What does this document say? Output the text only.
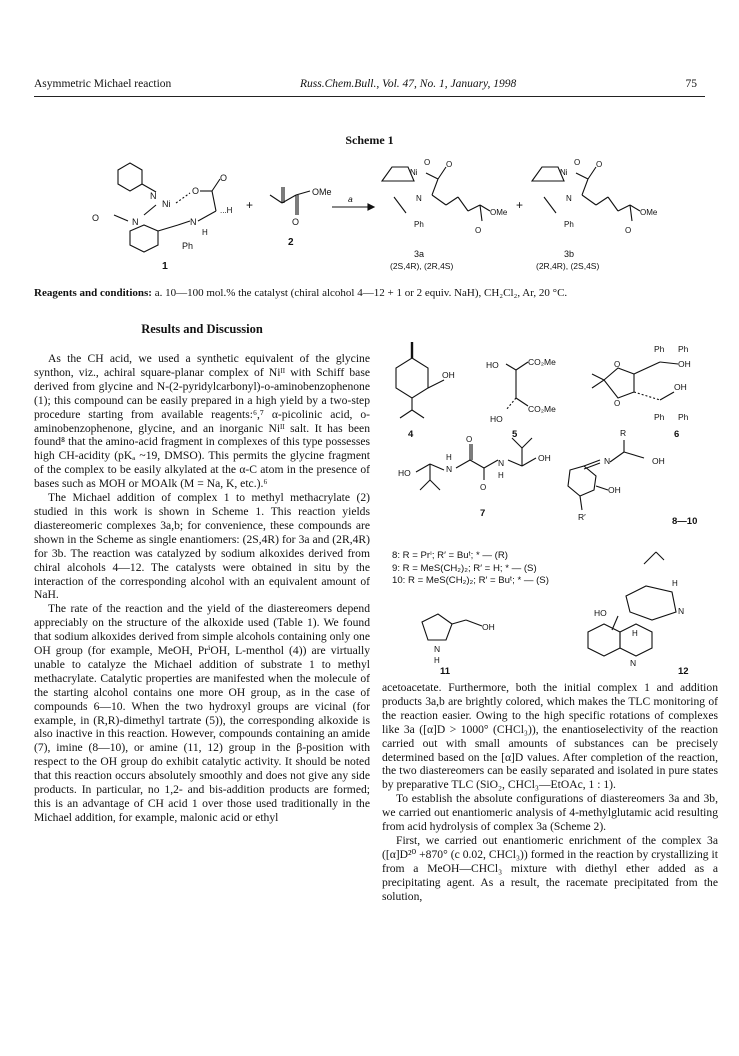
Asymmetric Michael reaction	Russ.Chem.Bull., Vol. 47, No. 1, January, 1998	75
Scheme 1
N
Ni
O
O
...H
N
H
N
O
Ph
1
+
O
OMe
2
a
Ni
O O
N
O
OMe
Ph
3a
(2S,4R), (2R,4S)
+
Ni
O O
N
O
OMe
Ph
3b
(2R,4R), (2S,4S)
Reagents and conditions: a. 10—100 mol.% the catalyst (chiral alcohol 4—12 + 1 or 2 equiv. NaH), CH₂Cl₂, Ar, 20 °C.
Results and Discussion

As the CH acid, we used a synthetic equivalent of the glycine synthon, viz., achiral square-planar complex of Niᴵᴵ with Schiff base derived from glycine and N-(2-pyridylcarbonyl)-o-aminobenzophenone (1); this compound can be easily prepared in a high yield by a two-step procedure starting from available reagents:⁶,⁷ α-picolinic acid, o-aminobenzophenone, glycine, and an inorganic Niᴵᴵ salt. It has been found⁸ that the amino-acid fragment in complexes of this type possesses high CH-acidity (pKₐ ~19, DMSO). This permits the glycine fragment of the complex to be easily alkylated at the α-C atom in the presence of bases such as MOH or MOAlk (M = Na, K, etc.).⁶

The Michael addition of complex 1 to methyl methacrylate (2) studied in this work is shown in Scheme 1. This reaction yields diastereomeric complexes 3a,b; for convenience, these compounds are shown in the Scheme as single enantiomers: (2S,4R) for 3a and (2R,4R) for 3b. The reaction was catalyzed by sodium alkoxides derived from chiral alcohols 4—12. The catalysts were obtained in situ by the interaction of the corresponding alcohol with an equivalent amount of NaH.

The rate of the reaction and the yield of the diastereomers depend appreciably on the structure of the alkoxide used (Table 1). We found that sodium alkoxides derived from simple alcohols containing only one OH group (for example, MeOH, PrⁱOH, L-menthol (4)) are virtually unable to catalyze the Michael addition of substrate 1 to methyl methacrylate. Catalytic properties are manifested when the molecule of the starting alcohol contains one more OH group, as in the case of compounds 6—10. When the two hydroxyl groups are vicinal (for example, in (R,R)-dimethyl tartrate (5)), the corresponding alkoxide is also inactive in this reaction. However, compounds containing an amide (7), imine (8—10), or amine (11, 12) group in the β-position with respect to the OH group do exhibit catalytic activity. It should be noted that this reaction occurs absolutely smoothly and does not give any side products. In particular, no 1,2- and bis-addition products are formed; this is an advantage of CH acid 1 over those used traditionally in the Michael addition, for example, malonic acid or ethyl

OH
4
HO	CO₂Me
HO
CO₂Me
5
Ph Ph
O
O
OH
OH
Ph Ph
6
HO
H
N
O
O
N
H
OH
7
R
N	OH
OH
R′	8—10
N
H
OH
11
H
N
HO
H
N
12
8: R = Prⁱ; R′ = Buᵗ; * — (R)
9: R = MeS(CH₂)₂; R′ = H; * — (S)
10: R = MeS(CH₂)₂; R′ = Buᵗ; * — (S)

acetoacetate. Furthermore, both the initial complex 1 and addition products 3a,b are brightly colored, which makes the TLC monitoring of the reaction easier. Owing to the high specific rotations of complexes like 3a ([α]D > 1000° (CHCl₃)), the enantioselectivity of the reaction carried out with small amounts of substances can be precisely determined based on the [α]D values. After completion of the reaction, the two diastereomers can be easily separated and isolated in pure states by preparative TLC (SiO₂, CHCl₃—EtOAc, 1 : 1).

To establish the absolute configurations of diastereomers 3a and 3b, we carried out enantiomeric analysis of 4-methylglutamic acid resulting from acid hydrolysis of complex 3a (Scheme 2).

First, we carried out enantiomeric enrichment of the complex 3a ([α]D²⁰ +870° (c 0.02, CHCl₃)) formed in the reaction by crystallizing it from a MeOH—CHCl₃ mixture with diethyl ether added as a precipitating agent. As a result, the racemate precipitated from the solution,
